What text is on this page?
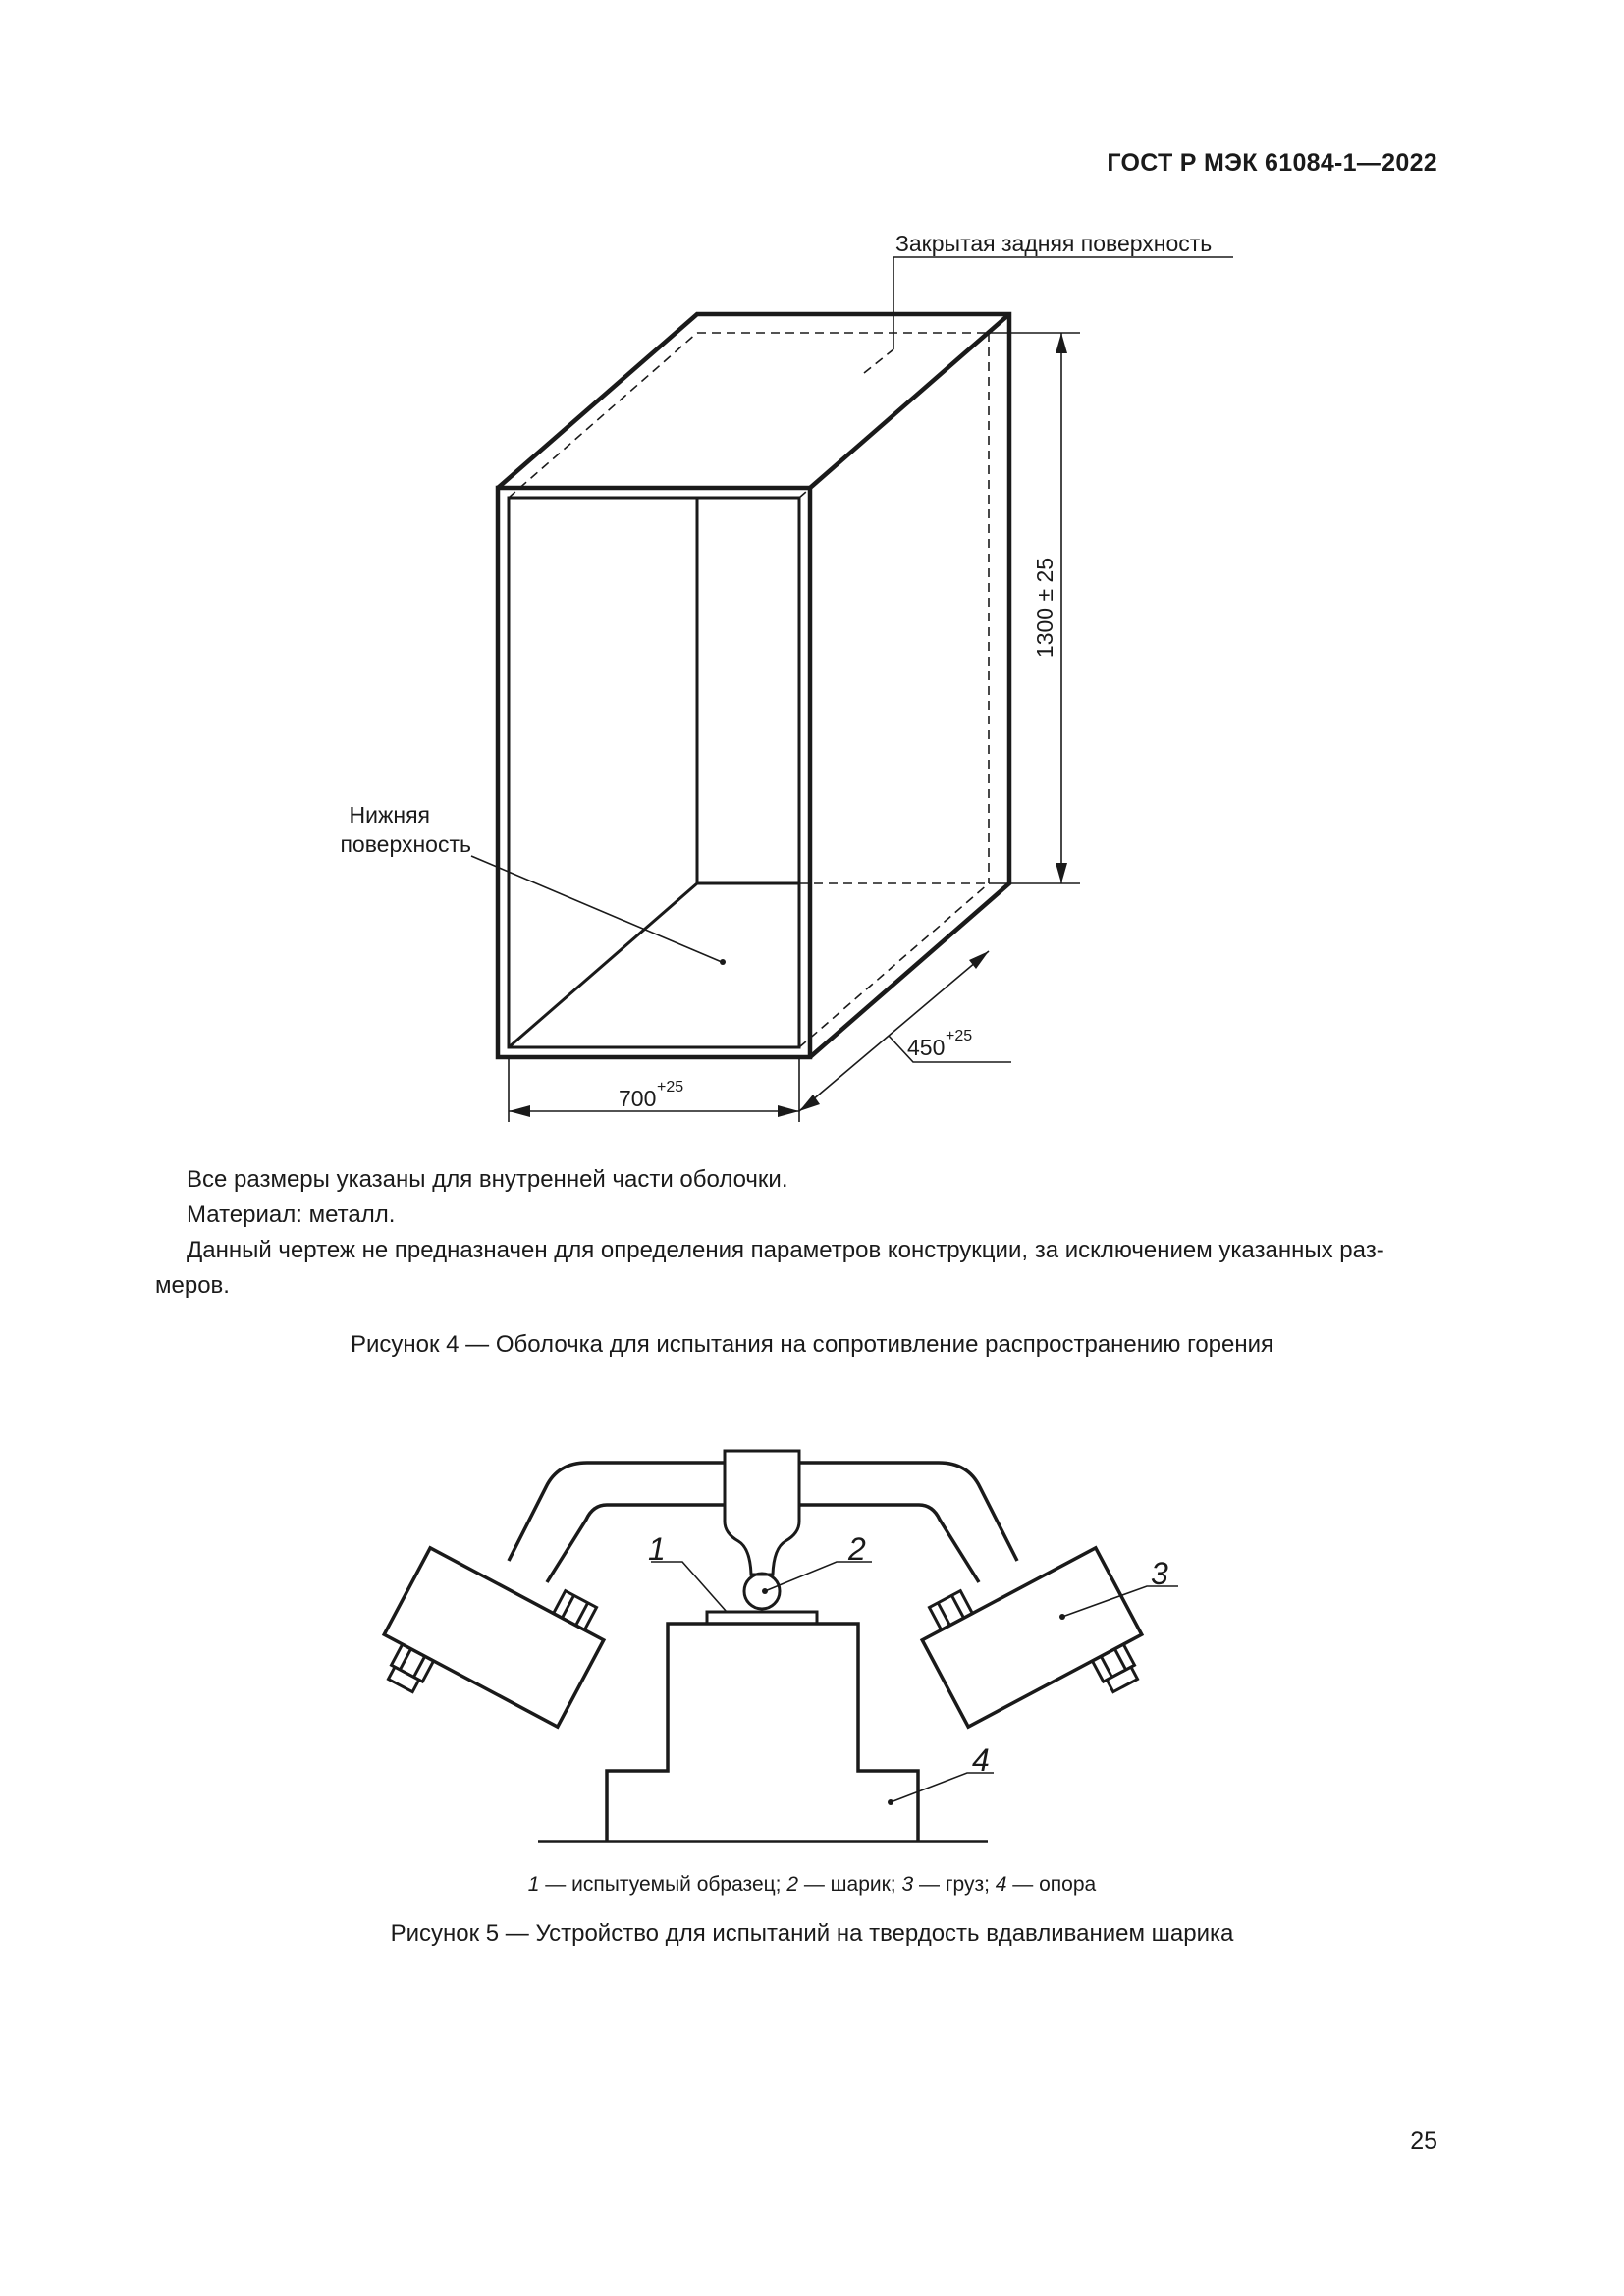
ГОСТ Р МЭК 61084-1—2022
Закрытая задняя поверхность
Нижняя
поверхность
1300 ± 25
700 +25
450 +25

Все размеры указаны для внутренней части оболочки.

Материал: металл.

Данный чертеж не предназначен для определения параметров конструкции, за исключением указанных раз-

меров.
Рисунок 4 — Оболочка для испытания на сопротивление распространению горения
1	2
3
4
1 — испытуемый образец; 2 — шарик; 3 — груз; 4 — опора
Рисунок 5 — Устройство для испытаний на твердость вдавливанием шарика
25
